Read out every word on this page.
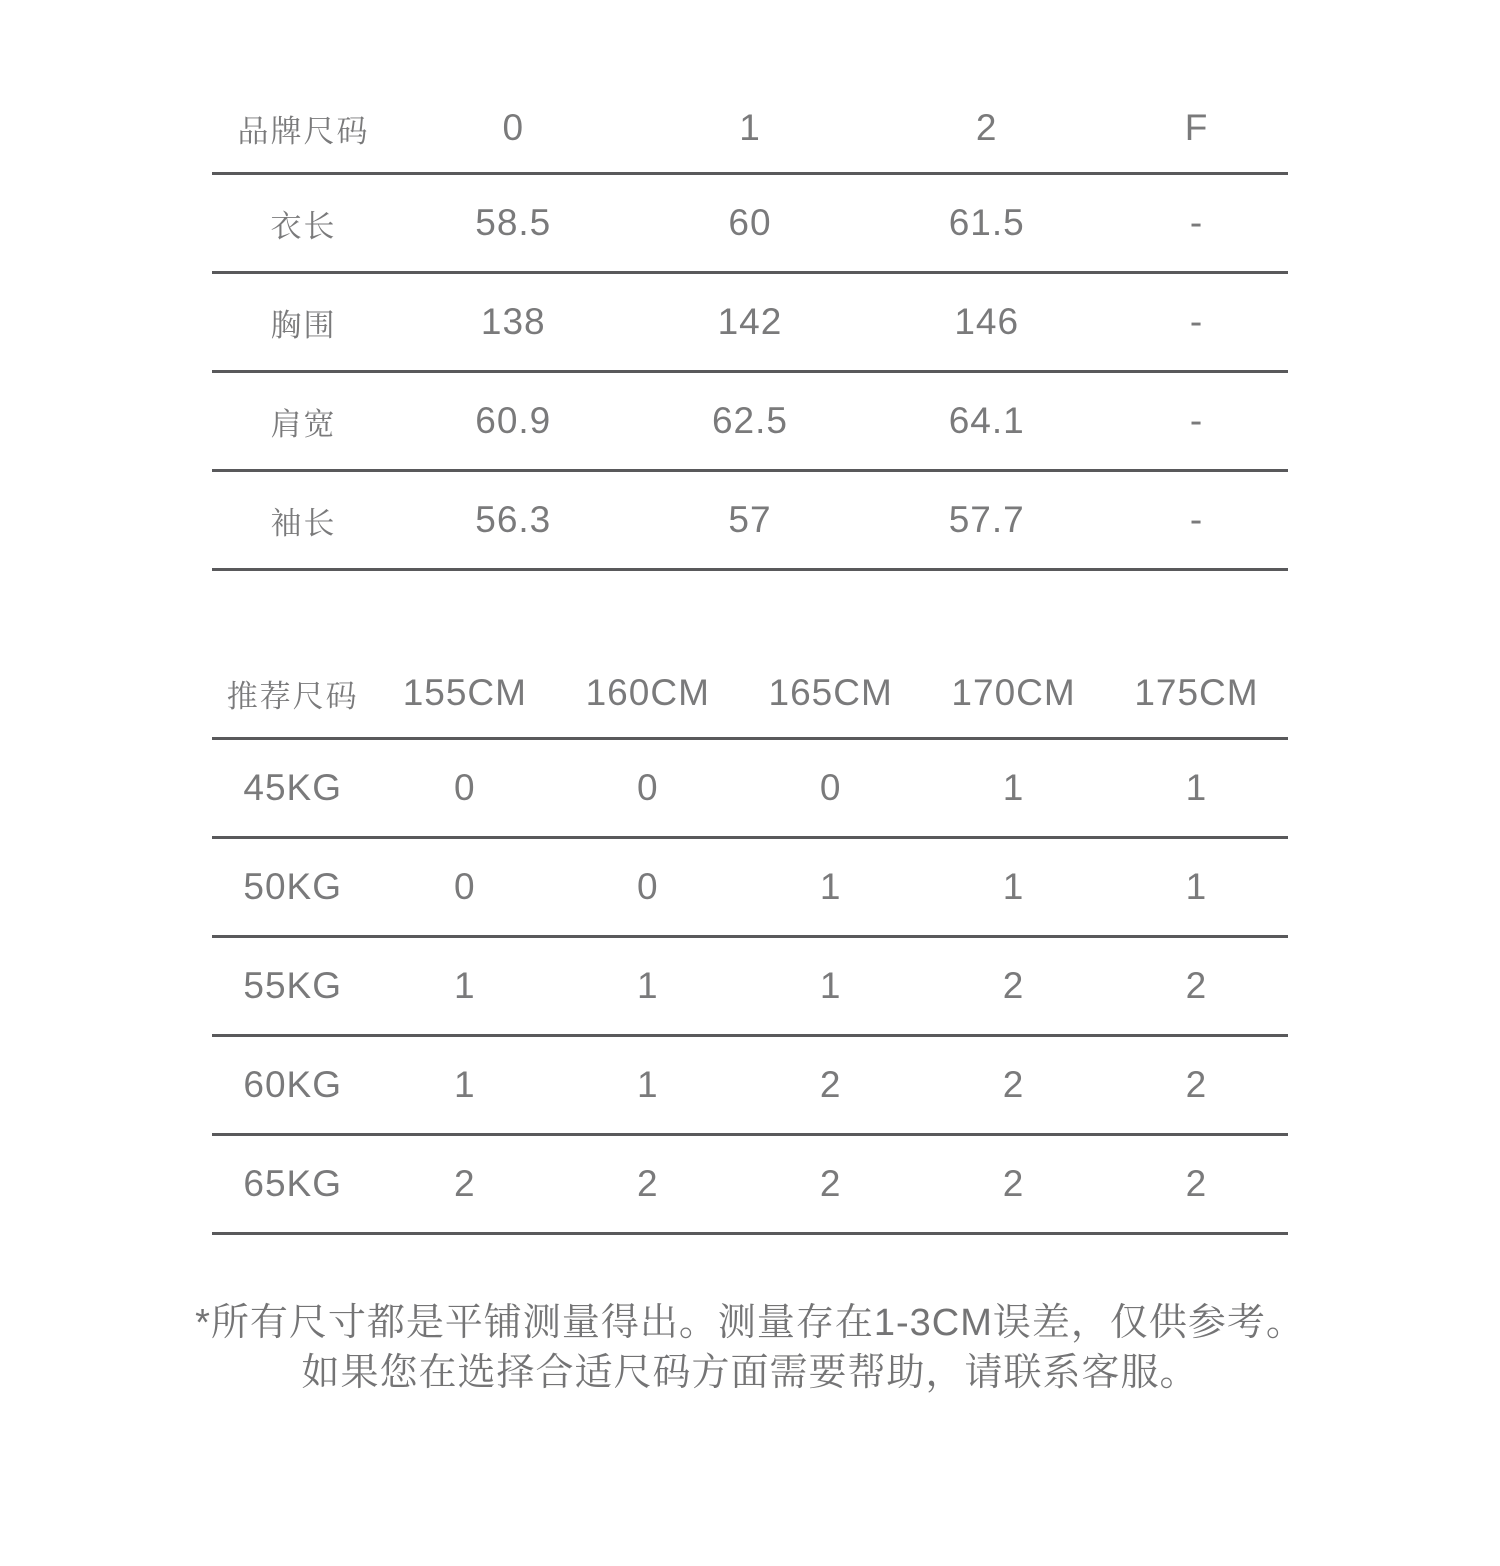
品牌尺码	0	1	2	F
衣长	58.5	60	61.5	-
胸围	138	142	146	-
肩宽	60.9	62.5	64.1	-
袖长	56.3	57	57.7	-
推荐尺码	155CM	160CM	165CM	170CM	175CM
45KG	0	0	0	1	1
50KG	0	0	1	1	1
55KG	1	1	1	2	2
60KG	1	1	2	2	2
65KG	2	2	2	2	2

*所有尺寸都是平铺测量得出。测量存在1-3CM误差，仅供参考。

如果您在选择合适尺码方面需要帮助，请联系客服。
